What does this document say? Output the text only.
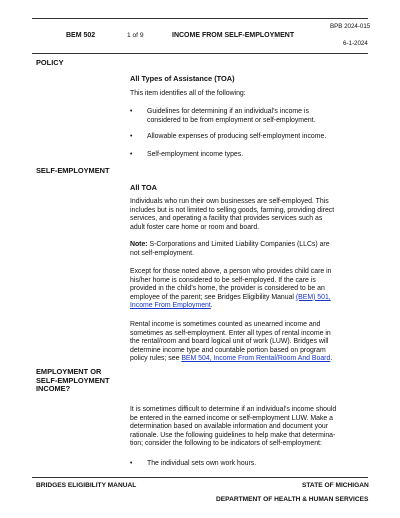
BPB 2024-015
BEM 502	1 of 9	INCOME FROM SELF-EMPLOYMENT
6-1-2024
POLICY
All Types of Assistance (TOA)
This item identifies all of the following:
• Guidelines for determining if an individual’s income is
considered to be from employment or self-employment.
• Allowable expenses of producing self-employment income.
• Self-employment income types.
SELF-EMPLOYMENT
All TOA
Individuals who run their own businesses are self-employed. This
includes but is not limited to selling goods, farming, providing direct
services, and operating a facility that provides services such as
adult foster care home or room and board.
Note: S-Corporations and Limited Liability Companies (LLCs) are
not self-employment.
Except for those noted above, a person who provides child care in
his/her home is considered to be self-employed. If the care is
provided in the child’s home, the provider is considered to be an
employee of the parent; see Bridges Eligibility Manual (BEM) 501,
Income From Employment.
Rental income is sometimes counted as unearned income and
sometimes as self-employment. Enter all types of rental income in
the rental/room and board logical unit of work (LUW). Bridges will
determine income type and countable portion based on program
policy rules; see BEM 504, Income From Rental/Room And Board.
EMPLOYMENT OR
SELF-EMPLOYMENT
INCOME?
It is sometimes difficult to determine if an individual’s income should
be entered in the earned income or self-employment LUW. Make a
determination based on available information and document your
rationale. Use the following guidelines to help make that determina-
tion; consider the following to be indicators of self-employment:
• The individual sets own work hours.
BRIDGES ELIGIBILITY MANUAL	STATE OF MICHIGAN
DEPARTMENT OF HEALTH & HUMAN SERVICES
